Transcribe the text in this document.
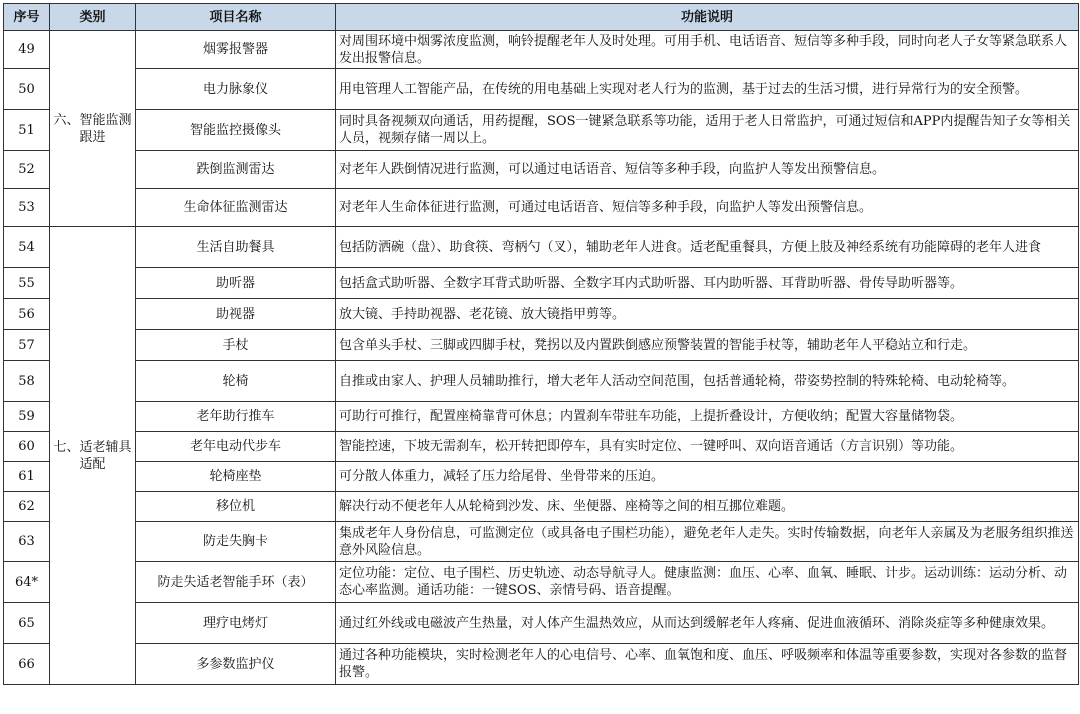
序号	类别	项目名称	功能说明
49	六、智能监测跟进	烟雾报警器	对周围环境中烟雾浓度监测，响铃提醒老年人及时处理。可用手机、电话语音、短信等多种手段，同时向老人子女等紧急联系人发出报警信息。
50		电力脉象仪	用电管理人工智能产品，在传统的用电基础上实现对老人行为的监测，基于过去的生活习惯，进行异常行为的安全预警。
51		智能监控摄像头	同时具备视频双向通话，用药提醒，SOS一键紧急联系等功能，适用于老人日常监护，可通过短信和APP内提醒告知子女等相关人员，视频存储一周以上。
52		跌倒监测雷达	对老年人跌倒情况进行监测，可以通过电话语音、短信等多种手段，向监护人等发出预警信息。
53		生命体征监测雷达	对老年人生命体征进行监测，可通过电话语音、短信等多种手段，向监护人等发出预警信息。
54	七、适老辅具适配	生活自助餐具	包括防洒碗（盘）、助食筷、弯柄勺（叉），辅助老年人进食。适老配重餐具，方便上肢及神经系统有功能障碍的老年人进食
55		助听器	包括盒式助听器、全数字耳背式助听器、全数字耳内式助听器、耳内助听器、耳背助听器、骨传导助听器等。
56		助视器	放大镜、手持助视器、老花镜、放大镜指甲剪等。
57		手杖	包含单头手杖、三脚或四脚手杖，凳拐以及内置跌倒感应预警装置的智能手杖等，辅助老年人平稳站立和行走。
58		轮椅	自推或由家人、护理人员辅助推行，增大老年人活动空间范围，包括普通轮椅，带姿势控制的特殊轮椅、电动轮椅等。
59		老年助行推车	可助行可推行，配置座椅靠背可休息；内置刹车带驻车功能，上提折叠设计，方便收纳；配置大容量储物袋。
60		老年电动代步车	智能控速，下坡无需刹车，松开转把即停车，具有实时定位、一键呼叫、双向语音通话（方言识别）等功能。
61		轮椅座垫	可分散人体重力，减轻了压力给尾骨、坐骨带来的压迫。
62		移位机	解决行动不便老年人从轮椅到沙发、床、坐便器、座椅等之间的相互挪位难题。
63		防走失胸卡	集成老年人身份信息，可监测定位（或具备电子围栏功能），避免老年人走失。实时传输数据，向老年人亲属及为老服务组织推送意外风险信息。
64*		防走失适老智能手环（表）	定位功能：定位、电子围栏、历史轨迹、动态导航寻人。健康监测：血压、心率、血氧、睡眠、计步。运动训练：运动分析、动态心率监测。通话功能：一键SOS、亲情号码、语音提醒。
65		理疗电烤灯	通过红外线或电磁波产生热量，对人体产生温热效应，从而达到缓解老年人疼痛、促进血液循环、消除炎症等多种健康效果。
66		多参数监护仪	通过各种功能模块，实时检测老年人的心电信号、心率、血氧饱和度、血压、呼吸频率和体温等重要参数，实现对各参数的监督报警。
